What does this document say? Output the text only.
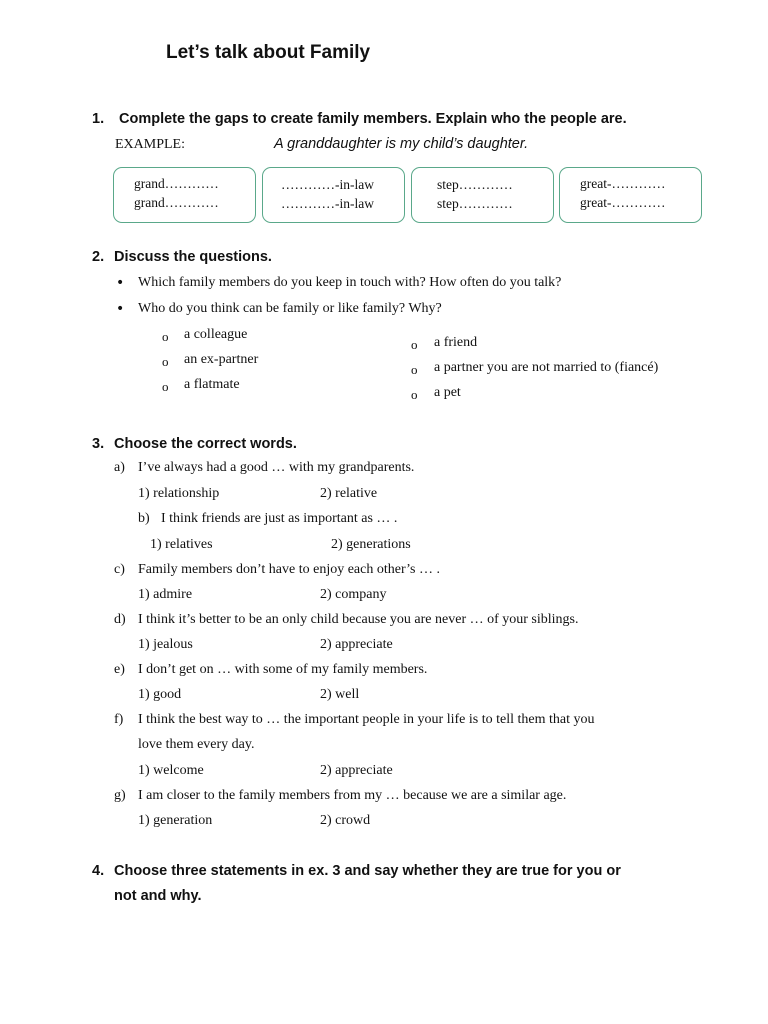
Let’s talk about Family
1. Complete the gaps to create family members. Explain who the people are.
EXAMPLE:	A granddaughter is my child’s daughter.
grand…………
grand…………
…………-in-law
…………-in-law
step…………
step…………
great-…………
great-…………
2. Discuss the questions.
• Which family members do you keep in touch with? How often do you talk?
• Who do you think can be family or like family? Why?
o a colleague
o an ex-partner
o a flatmate
o a friend
o a partner you are not married to (fiancé)
o a pet
3. Choose the correct words.
a) I’ve always had a good … with my grandparents.
1) relationship	2) relative
b) I think friends are just as important as … .
1) relatives	2) generations
c) Family members don’t have to enjoy each other’s … .
1) admire	2) company
d) I think it’s better to be an only child because you are never … of your siblings.
1) jealous	2) appreciate
e) I don’t get on … with some of my family members.
1) good	2) well
f) I think the best way to … the important people in your life is to tell them that you
love them every day.
1) welcome	2) appreciate
g) I am closer to the family members from my … because we are a similar age.
1) generation	2) crowd
4. Choose three statements in ex. 3 and say whether they are true for you or
not and why.
